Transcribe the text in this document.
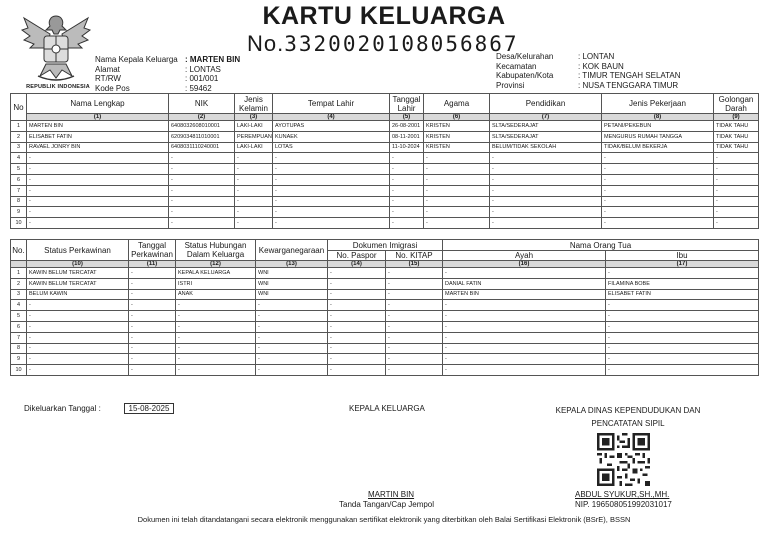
REPUBLIK INDONESIA
KARTU KELUARGA
No.3320020108056867
Nama Kepala Keluarga : MARTEN BIN
Alamat	: LONTAS
RT/RW	: 001/001
Kode Pos	: 59462
Desa/Kelurahan	: LONTAN
Kecamatan	: KOK BAUN
Kabupaten/Kota	: TIMUR TENGAH SELATAN
Provinsi	: NUSA TENGGARA TIMUR
No	Nama Lengkap	NIK	Jenis Kelamin	Tempat Lahir	Tanggal Lahir	Agama	Pendidikan	Jenis Pekerjaan	Golongan Darah
	(1)	(2)	(3)	(4)	(5)	(6)	(7)	(8)	(9)
1	MARTEN BIN	6408032608010001	LAKI-LAKI	AYOTUPAS	26-08-2001	KRISTEN	SLTA/SEDERAJAT	PETANI/PEKEBUN	TIDAK TAHU
2	ELISABET FATIN	6209034811010001	PEREMPUAN	KUNAEK	08-11-2001	KRISTEN	SLTA/SEDERAJAT	MENGURUS RUMAH TANGGA	TIDAK TAHU
3	RAVAEL JONRY BIN	6408031110240001	LAKI-LAKI	LOTAS	11-10-2024	KRISTEN	BELUM/TIDAK SEKOLAH	TIDAK/BELUM BEKERJA	TIDAK TAHU
4	-	-	-	-	-	-	-	-	-
5	-	-	-	-	-	-	-	-	-
6	-	-	-	-	-	-	-	-	-
7	-	-	-	-	-	-	-	-	-
8	-	-	-	-	-	-	-	-	-
9	-	-	-	-	-	-	-	-	-
10	-	-	-	-	-	-	-	-	-
No.	Status Perkawinan	Tanggal Perkawinan	Status Hubungan Dalam Keluarga	Kewarganegaraan	Dokumen Imigrasi		Nama Orang Tua	
					No. Paspor	No. KITAP	Ayah	Ibu
	(10)	(11)	(12)	(13)	(14)	(15)	(16)	(17)
1	KAWIN BELUM TERCATAT	-	KEPALA KELUARGA	WNI	-	-	-	-
2	KAWIN BELUM TERCATAT	-	ISTRI	WNI	-	-	DANIAL FATIN	FILAMINA BOBE
3	BELUM KAWIN	-	ANAK	WNI	-	-	MARTEN BIN	ELISABET FATIN
4	-	-	-	-	-	-	-	-
5	-	-	-	-	-	-	-	-
6	-	-	-	-	-	-	-	-
7	-	-	-	-	-	-	-	-
8	-	-	-	-	-	-	-	-
9	-	-	-	-	-	-	-	-
10	-	-	-	-	-	-	-	-
Dikeluarkan Tanggal :	15-08-2025	KEPALA KELUARGA	KEPALA DINAS KEPENDUDUKAN DAN PENCATATAN SIPIL
MARTIN BIN
Tanda Tangan/Cap Jempol
ABDUL SYUKUR,SH.,MH.
NIP. 196508051992031017
Dokumen ini telah ditandatangani secara elektronik menggunakan sertifikat elektronik yang diterbitkan oleh Balai Sertifikasi Elektronik (BSrE), BSSN
